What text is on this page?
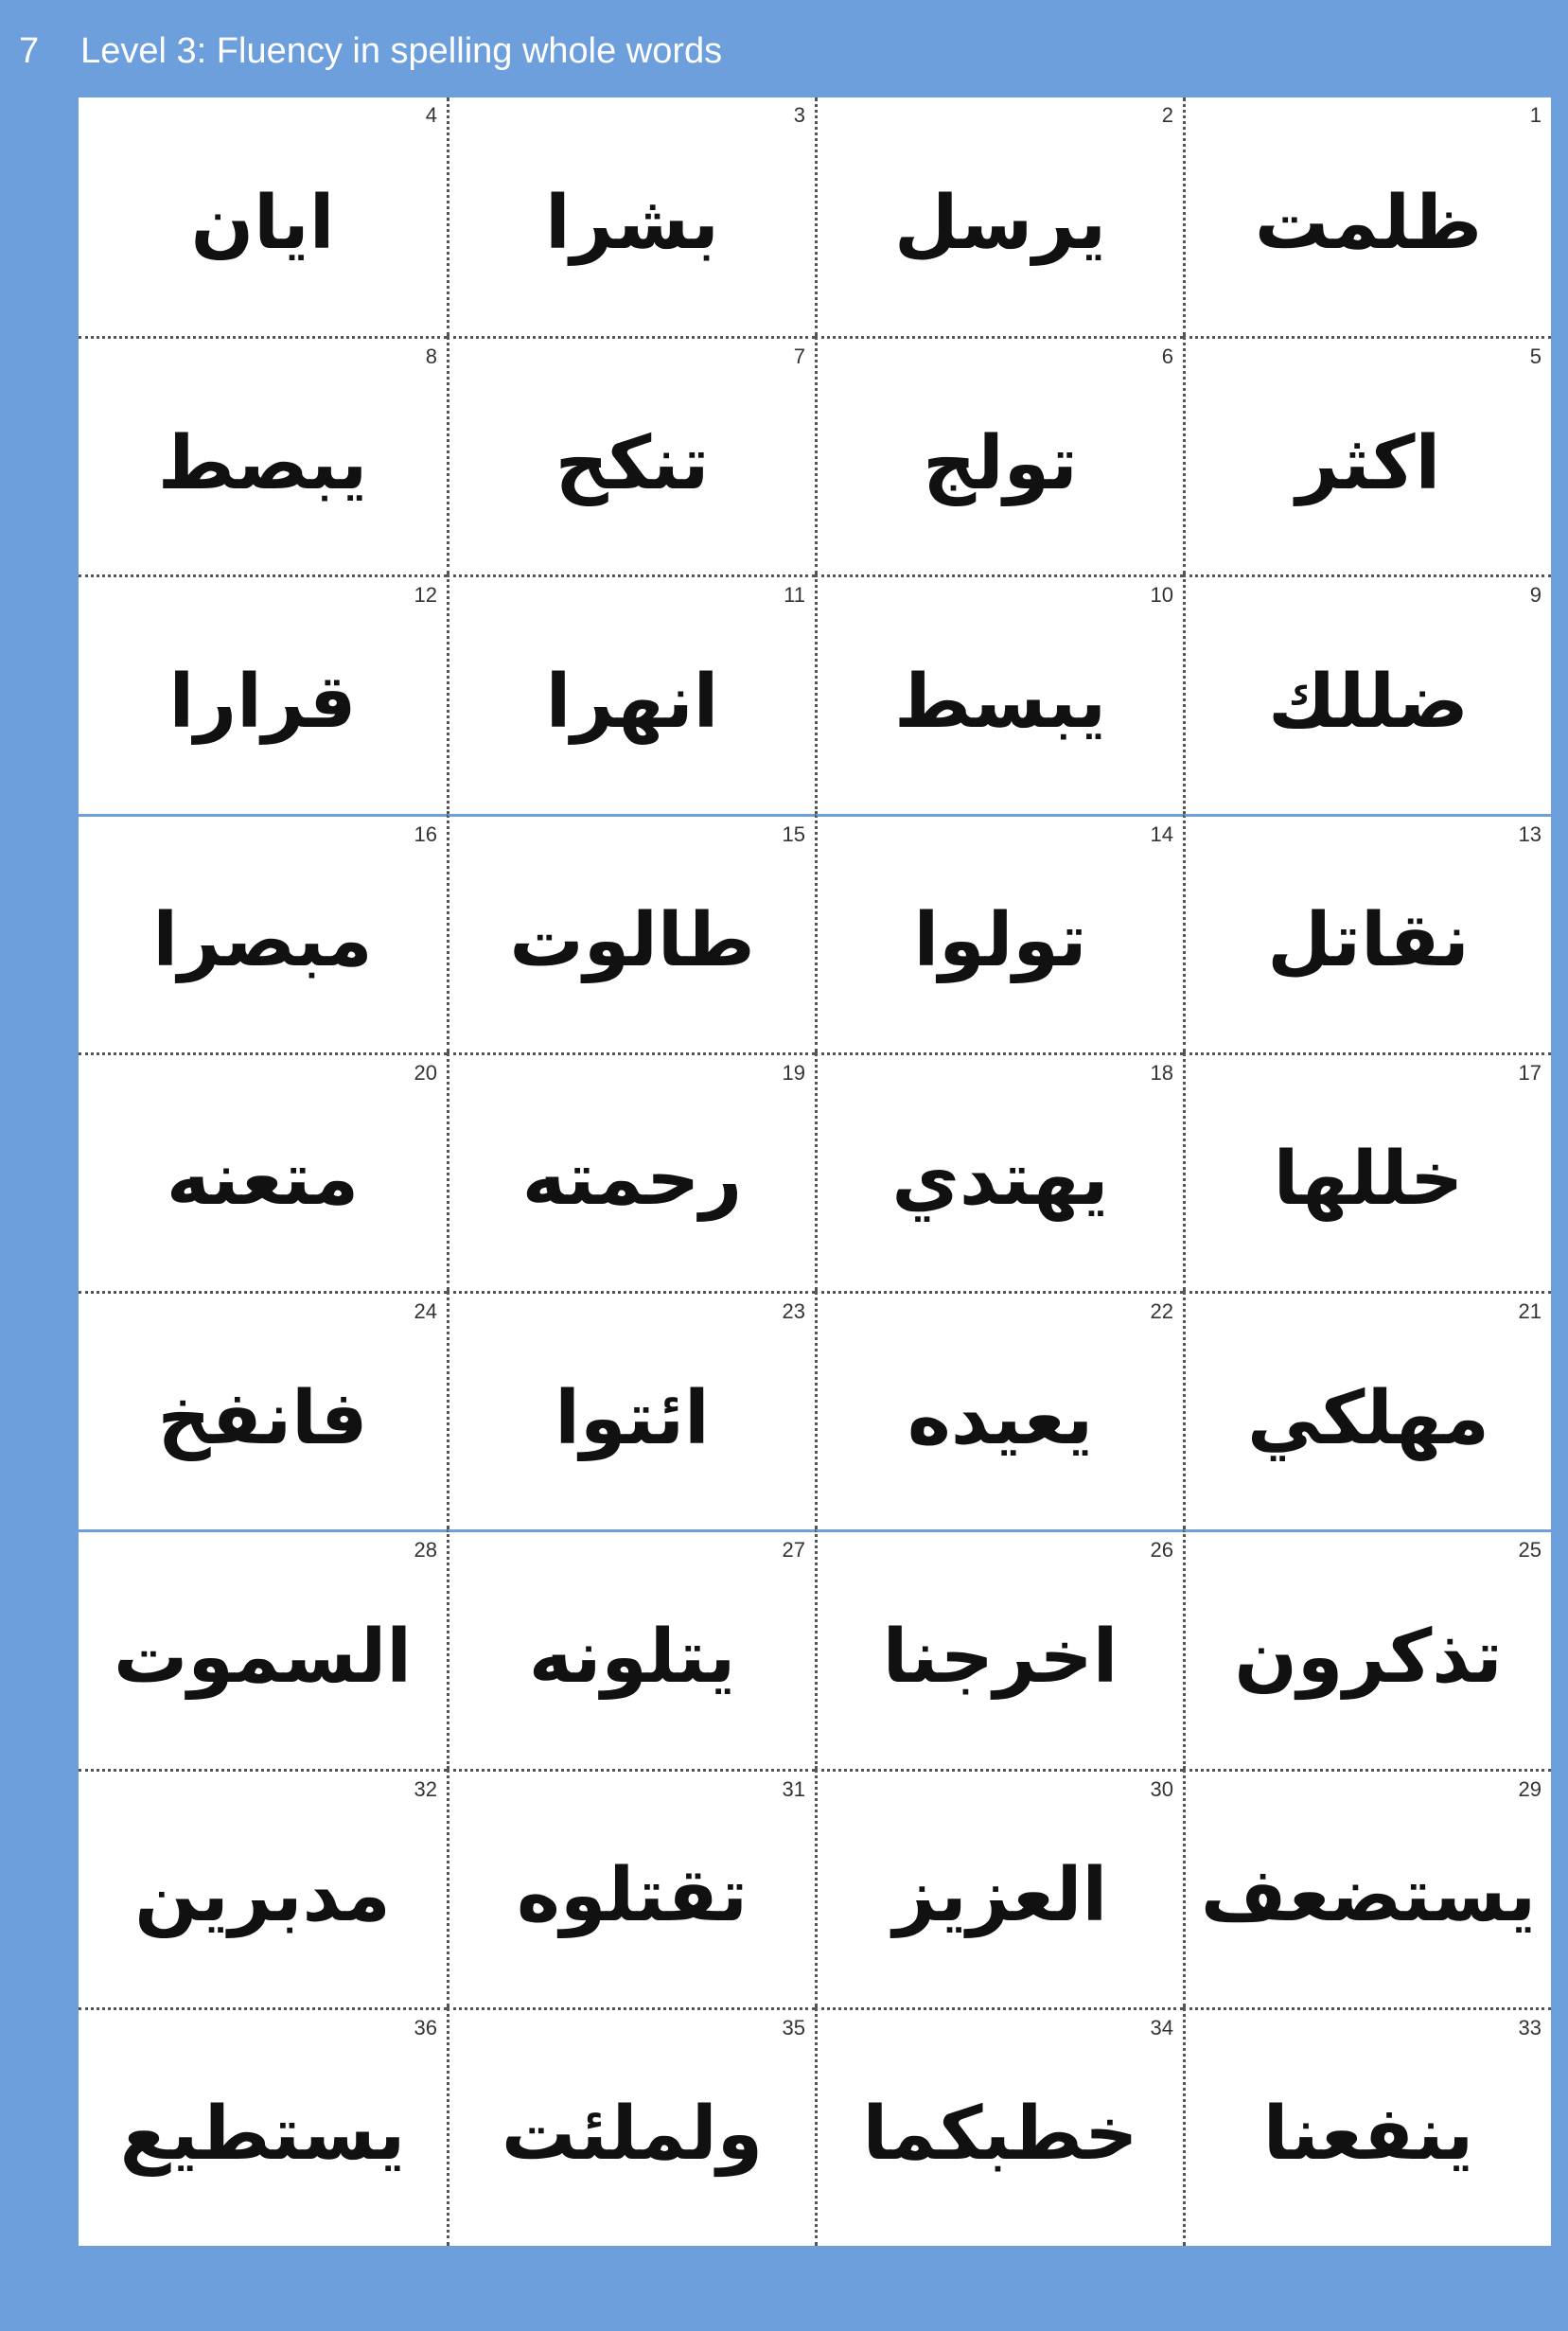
7 Level 3: Fluency in spelling whole words
4
ايان
3
بشرا
2
يرسل
1
ظلمت
8
يبصط
7
تنكح
6
تولج
5
اكثر
12
قرارا
11
انهرا
10
يبسط
9
ضللك
16
مبصرا
15
طالوت
14
تولوا
13
نقاتل
20
متعنه
19
رحمته
18
يهتدي
17
خللها
24
فانفخ
23
ائتوا
22
يعيده
21
مهلكي
28
السموت
27
يتلونه
26
اخرجنا
25
تذكرون
32
مدبرين
31
تقتلوه
30
العزيز
29
يستضعف
36
يستطيع
35
ولملئت
34
خطبكما
33
ينفعنا
